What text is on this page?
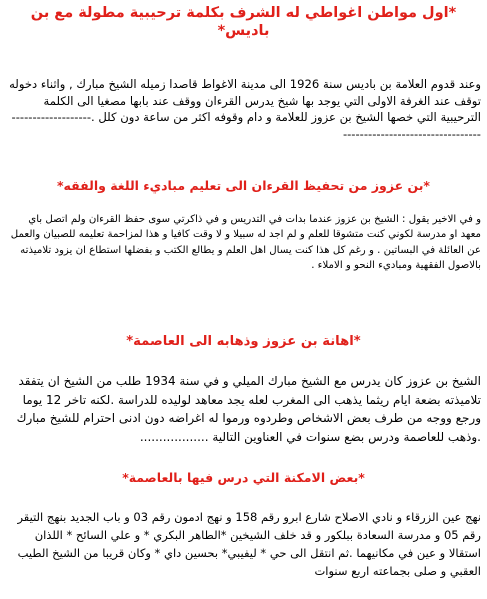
*اول مواطن اغواطي له الشرف بكلمة ترحيبية مطولة مع بن باديس*

وعند قدوم العلامة بن باديس سنة 1926 الى مدينة الاغواط قاصدا زميله الشيخ مبارك , واثناء دخوله توقف عند الغرفة الاولى التي يوجد بها شيخ يدرس القرءان ووقف عند بابها مصغيا الى الكلمة الترحيبية التي خصها الشيخ بن عزوز للعلامة و دام وقوفه اكثر من ساعة دون كلل .----------------------------------------------------

*بن عزوز من تحفيظ القرءان الى تعليم مباديء اللغة والفقه*

و في الاخير يقول : الشيخ بن عزوز عندما بدات في التدريس و في ذاكرتي سوى حفظ القرءان ولم اتصل باي معهد او مدرسة لكوني كنت متشوقا للعلم و لم اجد له سبيلا و لا وقت كافيا و هذا لمزاحمة تعليمه للصبيان والعمل عن العائلة في البساتين . و رغم كل هذا كنت يسال اهل العلم و يطالع الكتب و بفضلها استطاع ان يزود تلاميذته بالاصول الفقهية ومباديء النحو و الاملاء .

*اهانة بن عزوز وذهابه الى العاصمة*

الشيخ بن عزوز كان يدرس مع الشيخ مبارك الميلي و في سنة 1934 طلب من الشيخ ان يتفقد تلاميذته بضعة ايام ريثما يذهب الى المغرب لعله يجد معاهد لوليده للدراسة .لكنه تاخر 12 يوما ورجع ووجه من طرف بعض الاشخاص وطردوه ورموا له اغراضه دون ادنى احترام للشيخ مبارك .وذهب للعاصمة ودرس بضع سنوات في العناوين التالية ..................

*بعض الامكنة التي درس فيها بالعاصمة*

نهج عين الزرقاء و نادي الاصلاح شارع ابرو رقم 158 و نهج ادمون رقم 03 و باب الجديد بنهج التيقر رقم 05 و مدرسة السعادة ببلكور و قد خلف الشيخين *الطاهر البكري * و علي السائح * اللذان استقالا و عين في مكانيهما .ثم انتقل الى حي * ليفيبي* بحسين داي * وكان قريبا من الشيخ الطيب العقبي و صلى بجماعته اربع سنوات
